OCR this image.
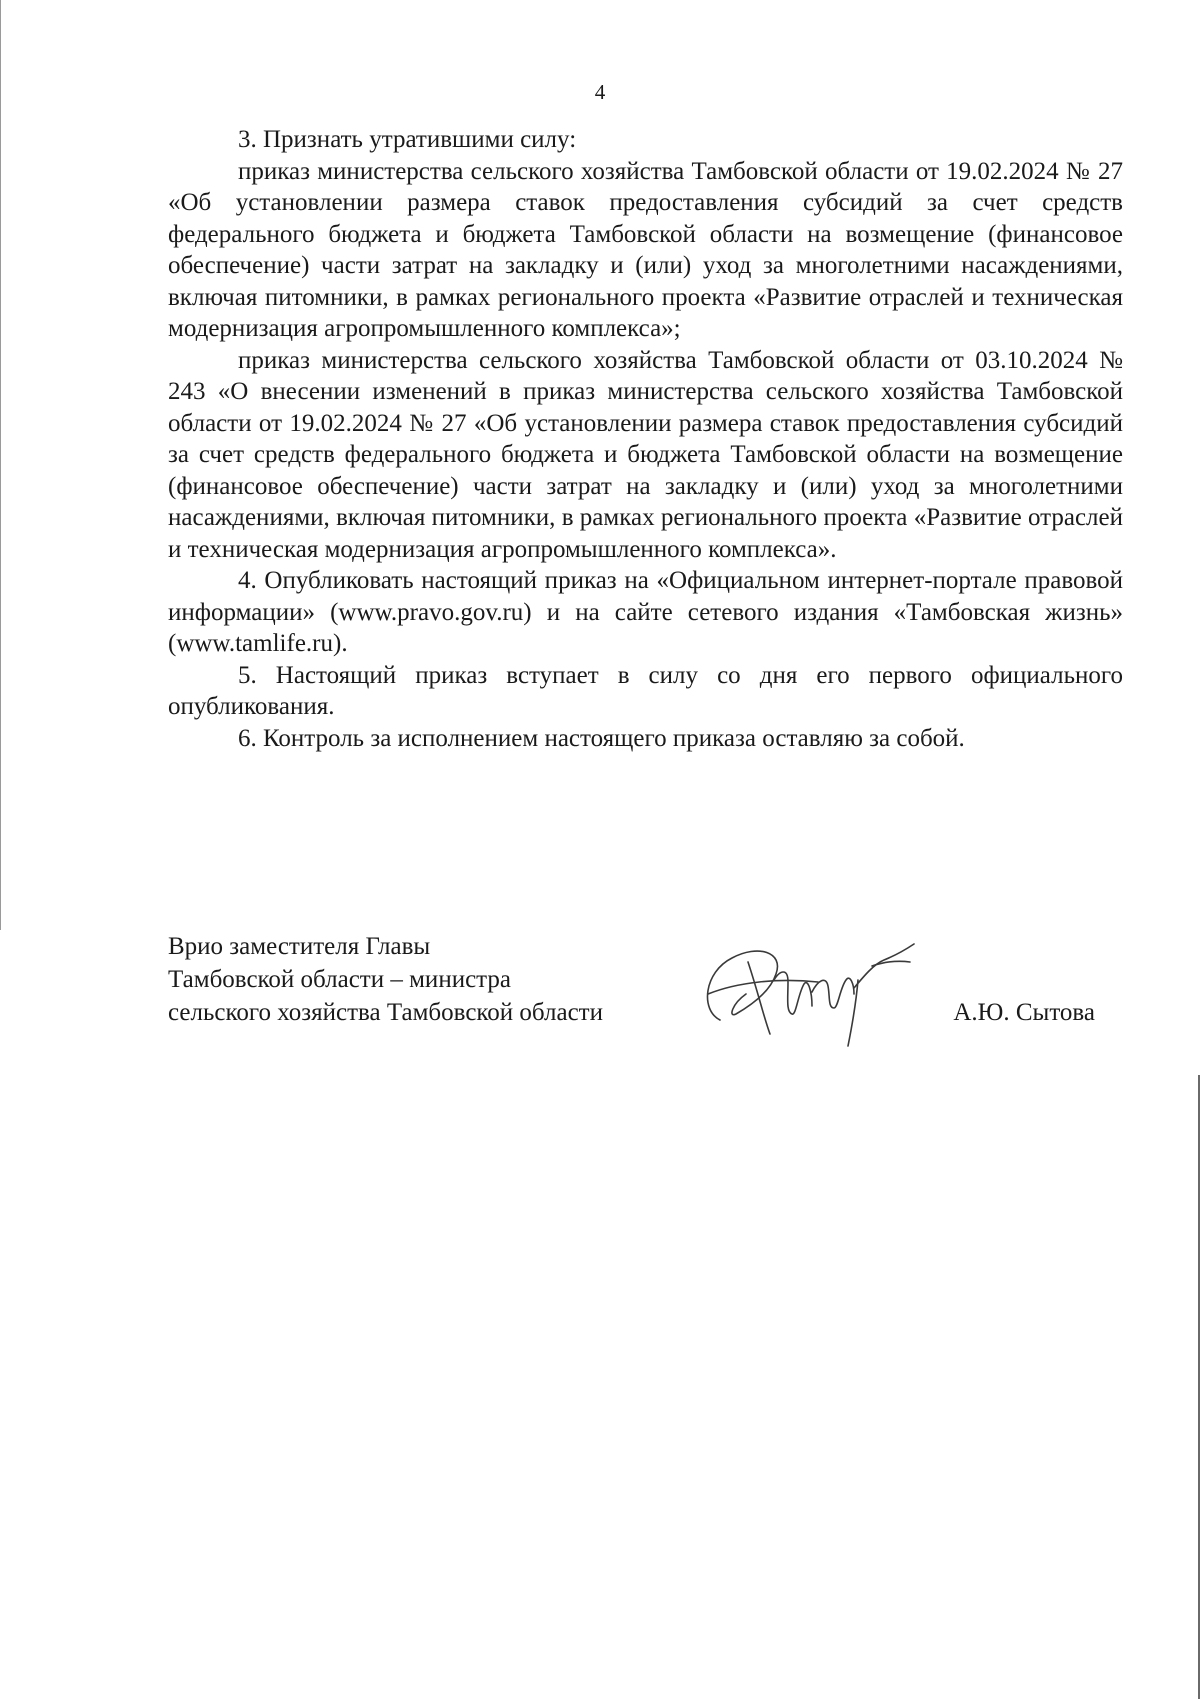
4

3. Признать утратившими силу:

приказ министерства сельского хозяйства Тамбовской области от 19.02.2024 № 27 «Об установлении размера ставок предоставления субсидий за счет средств федерального бюджета и бюджета Тамбовской области на возмещение (финансовое обеспечение) части затрат на закладку и (или) уход за многолетними насаждениями, включая питомники, в рамках регионального проекта «Развитие отраслей и техническая модернизация агропромышленного комплекса»;

приказ министерства сельского хозяйства Тамбовской области от 03.10.2024 № 243 «О внесении изменений в приказ министерства сельского хозяйства Тамбовской области от 19.02.2024 № 27 «Об установлении размера ставок предоставления субсидий за счет средств федерального бюджета и бюджета Тамбовской области на возмещение (финансовое обеспечение) части затрат на закладку и (или) уход за многолетними насаждениями, включая питомники, в рамках регионального проекта «Развитие отраслей и техническая модернизация агропромышленного комплекса».

4. Опубликовать настоящий приказ на «Официальном интернет-портале правовой информации» (www.pravo.gov.ru) и на сайте сетевого издания «Тамбовская жизнь» (www.tamlife.ru).

5. Настоящий приказ вступает в силу со дня его первого официального опубликования.

6. Контроль за исполнением настоящего приказа оставляю за собой.

Врио заместителя Главы
Тамбовской области – министра
сельского хозяйства Тамбовской области	А.Ю. Сытова
